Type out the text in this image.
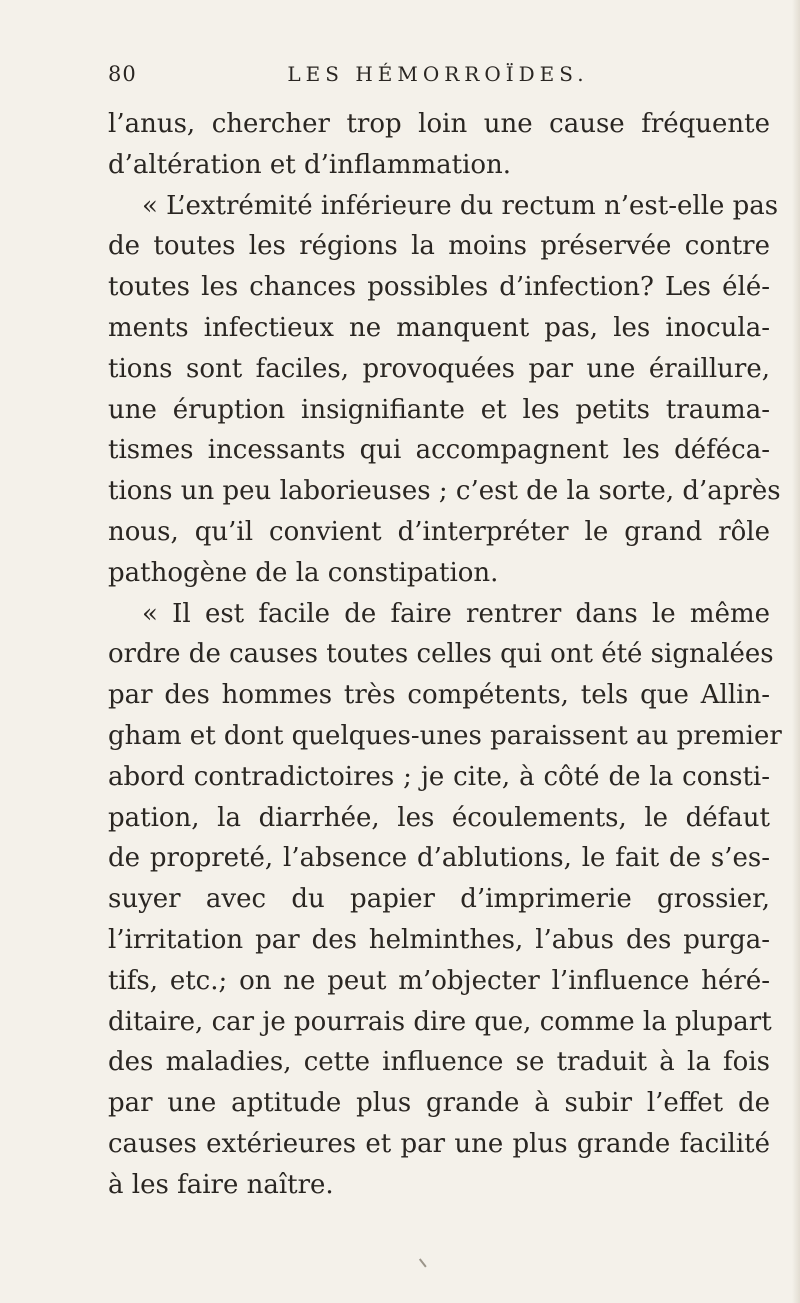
80	LES HÉMORROÏDES.
l’anus, chercher trop loin une cause fréquente
d’altération et d’inflammation.
« L’extrémité inférieure du rectum n’est-elle pas
de toutes les régions la moins préservée contre
toutes les chances possibles d’infection? Les élé-
ments infectieux ne manquent pas, les inocula-
tions sont faciles, provoquées par une éraillure,
une éruption insignifiante et les petits trauma-
tismes incessants qui accompagnent les déféca-
tions un peu laborieuses ; c’est de la sorte, d’après
nous, qu’il convient d’interpréter le grand rôle
pathogène de la constipation.
« Il est facile de faire rentrer dans le même
ordre de causes toutes celles qui ont été signalées
par des hommes très compétents, tels que Allin-
gham et dont quelques-unes paraissent au premier
abord contradictoires ; je cite, à côté de la consti-
pation, la diarrhée, les écoulements, le défaut
de propreté, l’absence d’ablutions, le fait de s’es-
suyer avec du papier d’imprimerie grossier,
l’irritation par des helminthes, l’abus des purga-
tifs, etc.; on ne peut m’objecter l’influence héré-
ditaire, car je pourrais dire que, comme la plupart
des maladies, cette influence se traduit à la fois
par une aptitude plus grande à subir l’effet de
causes extérieures et par une plus grande facilité
à les faire naître.
